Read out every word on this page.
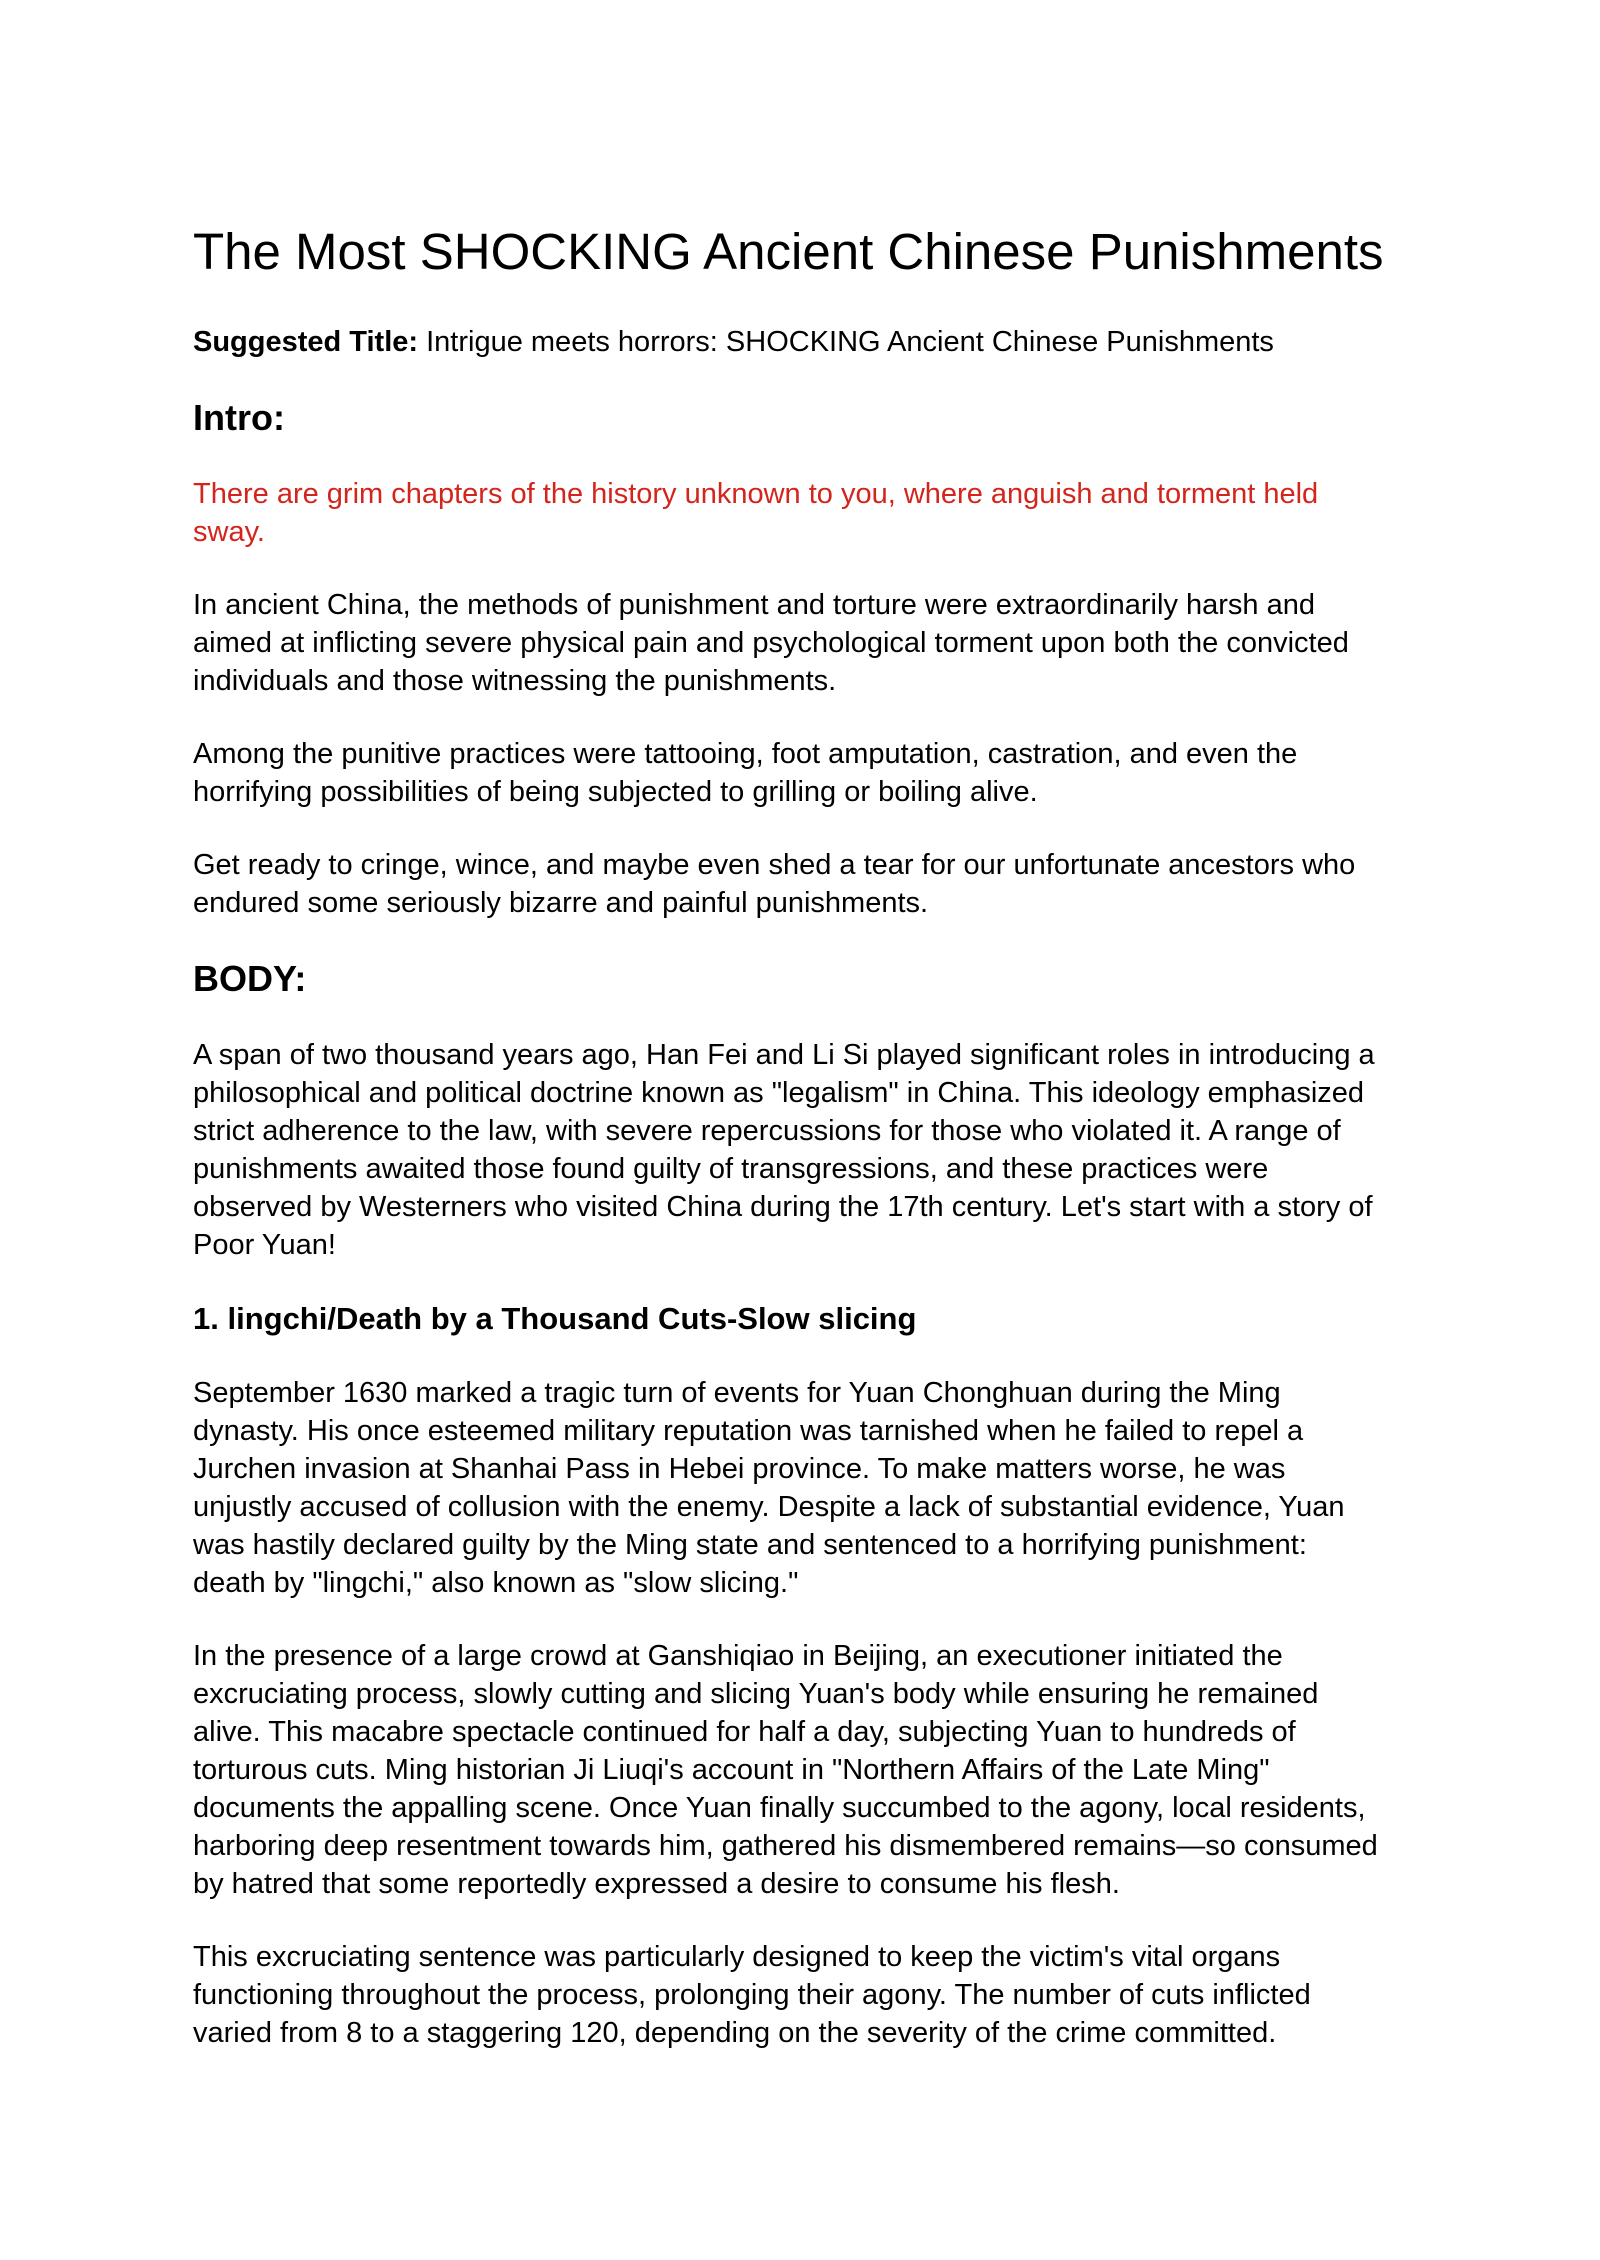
The Most SHOCKING Ancient Chinese Punishments

Suggested Title: Intrigue meets horrors: SHOCKING Ancient Chinese Punishments

Intro:

There are grim chapters of the history unknown to you, where anguish and torment held
sway.

In ancient China, the methods of punishment and torture were extraordinarily harsh and
aimed at inflicting severe physical pain and psychological torment upon both the convicted
individuals and those witnessing the punishments.

Among the punitive practices were tattooing, foot amputation, castration, and even the
horrifying possibilities of being subjected to grilling or boiling alive.

Get ready to cringe, wince, and maybe even shed a tear for our unfortunate ancestors who
endured some seriously bizarre and painful punishments.

BODY:

A span of two thousand years ago, Han Fei and Li Si played significant roles in introducing a
philosophical and political doctrine known as "legalism" in China. This ideology emphasized
strict adherence to the law, with severe repercussions for those who violated it. A range of
punishments awaited those found guilty of transgressions, and these practices were
observed by Westerners who visited China during the 17th century. Let's start with a story of
Poor Yuan!

1. lingchi/Death by a Thousand Cuts-Slow slicing

September 1630 marked a tragic turn of events for Yuan Chonghuan during the Ming
dynasty. His once esteemed military reputation was tarnished when he failed to repel a
Jurchen invasion at Shanhai Pass in Hebei province. To make matters worse, he was
unjustly accused of collusion with the enemy. Despite a lack of substantial evidence, Yuan
was hastily declared guilty by the Ming state and sentenced to a horrifying punishment:
death by "lingchi," also known as "slow slicing."

In the presence of a large crowd at Ganshiqiao in Beijing, an executioner initiated the
excruciating process, slowly cutting and slicing Yuan's body while ensuring he remained
alive. This macabre spectacle continued for half a day, subjecting Yuan to hundreds of
torturous cuts. Ming historian Ji Liuqi's account in "Northern Affairs of the Late Ming"
documents the appalling scene. Once Yuan finally succumbed to the agony, local residents,
harboring deep resentment towards him, gathered his dismembered remains—so consumed
by hatred that some reportedly expressed a desire to consume his flesh.

This excruciating sentence was particularly designed to keep the victim's vital organs
functioning throughout the process, prolonging their agony. The number of cuts inflicted
varied from 8 to a staggering 120, depending on the severity of the crime committed.
